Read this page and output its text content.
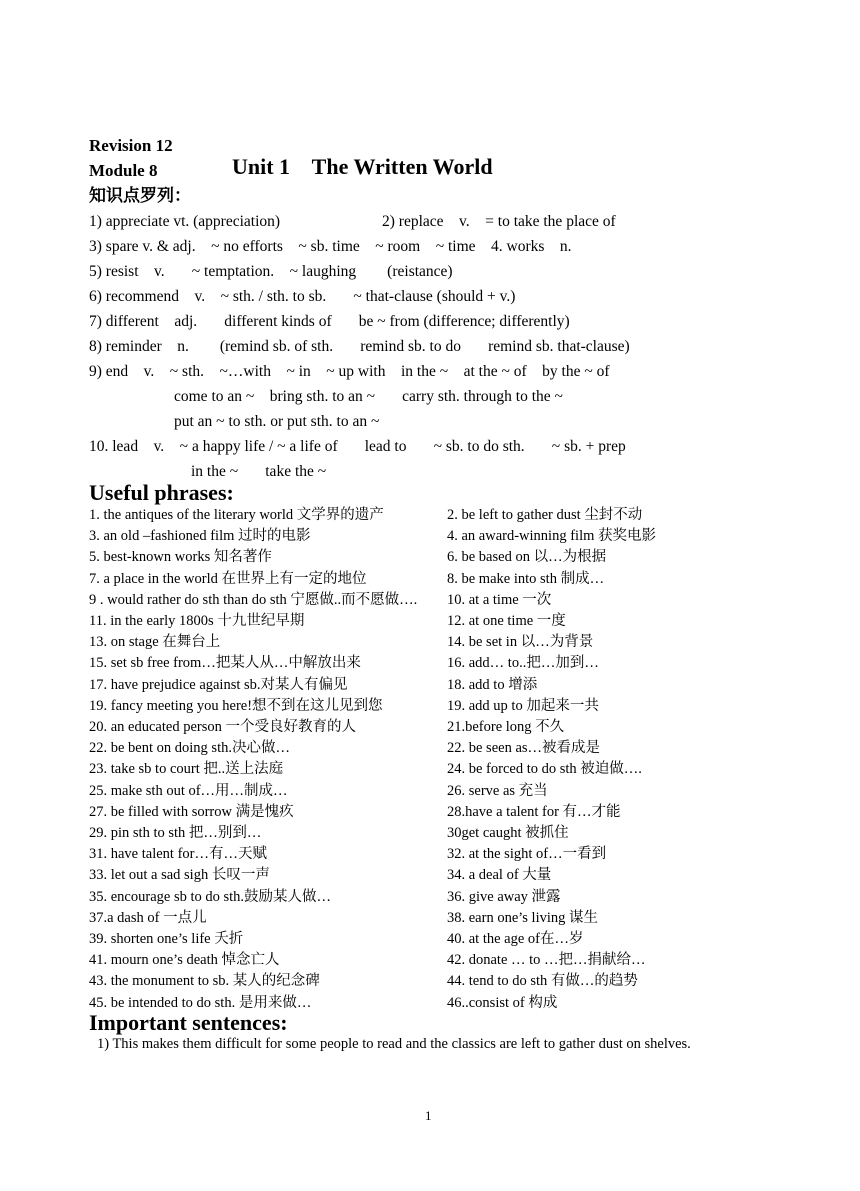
Revision 12
Module 8	Unit 1    The Written World
知识点罗列：
1) appreciate vt. (appreciation)	2) replace    v.    = to take the place of
3) spare v. & adj.    ~ no efforts    ~ sb. time    ~ room    ~ time    4. works    n.
5) resist    v.       ~ temptation.    ~ laughing        (reistance)
6) recommend    v.    ~ sth. / sth. to sb.       ~ that-clause (should + v.)
7) different    adj.       different kinds of       be ~ from (difference; differently)
8) reminder    n.        (remind sb. of sth.       remind sb. to do       remind sb. that-clause)
9) end    v.    ~ sth.    ~…with    ~ in    ~ up with    in the ~    at the ~ of    by the ~ of
come to an ~    bring sth. to an ~       carry sth. through to the ~
put an ~ to sth. or put sth. to an ~
10. lead    v.    ~ a happy life / ~ a life of       lead to       ~ sb. to do sth.       ~ sb. + prep
in the ~       take the ~
Useful phrases:
1. the antiques of the literary world 文学界的遗产	2. be left to gather dust 尘封不动
3. an old –fashioned film 过时的电影	4. an award-winning film 获奖电影
5. best-known works 知名著作	6. be based on 以…为根据
7. a place in the world 在世界上有一定的地位	8. be make into sth 制成…
9 . would rather do sth than do sth 宁愿做..而不愿做…. 10. at a time 一次
11. in the early 1800s 十九世纪早期	12. at one time 一度
13. on stage 在舞台上	14. be set in 以…为背景
15. set sb free from…把某人从…中解放出来	16. add… to..把…加到…
17. have prejudice against sb.对某人有偏见	18. add to 增添
19. fancy meeting you here!想不到在这儿见到您	19. add up to 加起来一共
20. an educated person 一个受良好教育的人	21.before long 不久
22. be bent on doing sth.决心做…	22. be seen as…被看成是
23. take sb to court 把..送上法庭	24. be forced to do sth 被迫做….
25. make sth out of…用…制成…	26. serve as 充当
27. be filled with sorrow 满是愧疚	28.have a talent for 有…才能
29. pin sth to sth 把…别到…	30get caught 被抓住
31. have talent for…有…天赋	32. at the sight of…一看到
33. let out a sad sigh 长叹一声	34. a deal of 大量
35. encourage sb to do sth.鼓励某人做…	36. give away 泄露
37.a dash of 一点儿	38. earn one’s living 谋生
39. shorten one’s life 夭折	40. at the age of在…岁
41. mourn one’s death 悼念亡人	42. donate … to …把…捐献给…
43. the monument to sb. 某人的纪念碑	44. tend to do sth 有做…的趋势
45. be intended to do sth. 是用来做…	46..consist of 构成
Important sentences:
1) This makes them difficult for some people to read and the classics are left to gather dust on shelves.
1
